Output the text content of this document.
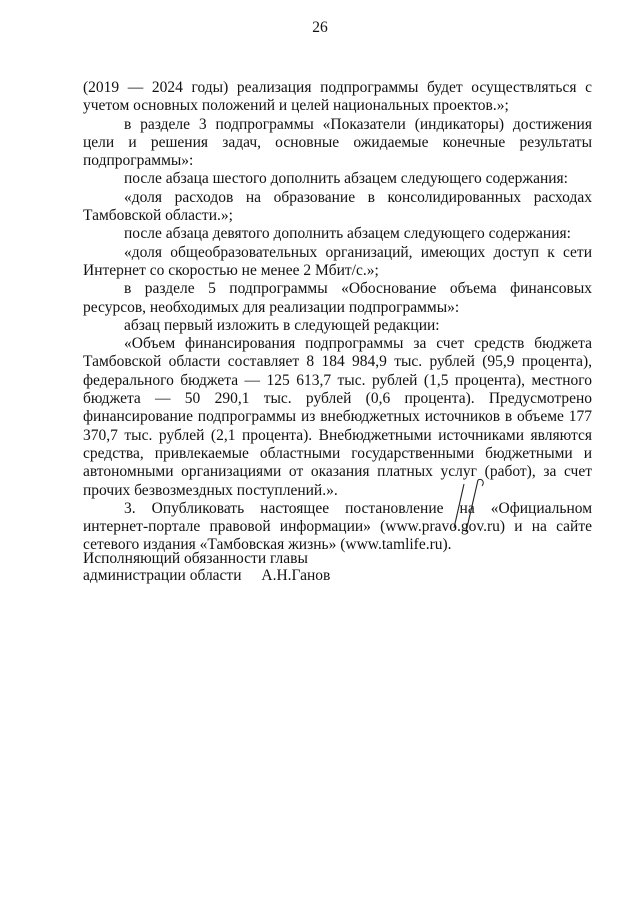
26

(2019 — 2024 годы) реализация подпрограммы будет осуществляться с учетом основных положений и целей национальных проектов.»;

в разделе 3 подпрограммы «Показатели (индикаторы) достижения цели и решения задач, основные ожидаемые конечные результаты подпрограммы»:

после абзаца шестого дополнить абзацем следующего содержания:

«доля расходов на образование в консолидированных расходах Тамбовской области.»;

после абзаца девятого дополнить абзацем следующего содержания:

«доля общеобразовательных организаций, имеющих доступ к сети Интернет со скоростью не менее 2 Мбит/с.»;

в разделе 5 подпрограммы «Обоснование объема финансовых ресурсов, необходимых для реализации подпрограммы»:

абзац первый изложить в следующей редакции:

«Объем финансирования подпрограммы за счет средств бюджета Тамбовской области составляет 8 184 984,9 тыс. рублей (95,9 процента), федерального бюджета — 125 613,7 тыс. рублей (1,5 процента), местного бюджета — 50 290,1 тыс. рублей (0,6 процента). Предусмотрено финансирование подпрограммы из внебюджетных источников в объеме 177 370,7 тыс. рублей (2,1 процента). Внебюджетными источниками являются средства, привлекаемые областными государственными бюджетными и автономными организациями от оказания платных услуг (работ), за счет прочих безвозмездных поступлений.».

3. Опубликовать настоящее постановление на «Официальном интернет-портале правовой информации» (www.pravo.gov.ru) и на сайте сетевого издания «Тамбовская жизнь» (www.tamlife.ru).

Исполняющий обязанности главы
администрации области А.Н.Ганов
